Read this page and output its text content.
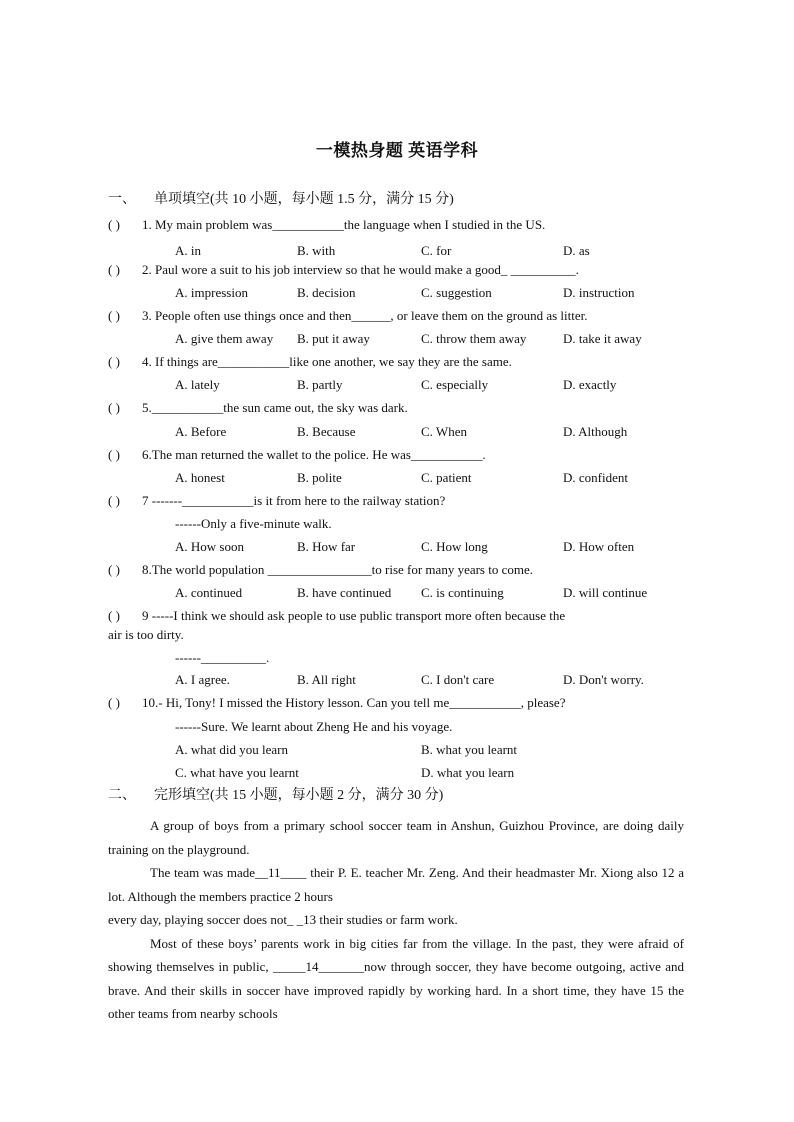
一模热身题 英语学科
一、 单项填空(共 10 小题，每小题 1.5 分，满分 15 分)
( ) 1. My main problem was___________the language when I studied in the US.
A. in	B. with	C. for	D. as
( ) 2. Paul wore a suit to his job interview so that he would make a good_ __________.
A. impression	B. decision	C. suggestion	D. instruction
( ) 3. People often use things once and then______, or leave them on the ground as litter.
A. give them away B. put it away	C. throw them away	D. take it away
( ) 4. If things are___________like one another, we say they are the same.
A. lately	B. partly	C. especially	D. exactly
( ) 5.___________the sun came out, the sky was dark.
A. Before	B. Because	C. When	D. Although
( ) 6.The man returned the wallet to the police. He was___________.
A. honest	B. polite	C. patient	D. confident
( ) 7 -------___________is it from here to the railway station?
------Only a five-minute walk.
A. How soon	B. How far	C. How long	D. How often
( ) 8.The world population ________________to rise for many years to come.
A. continued	B. have continued C. is continuing	D. will continue
( ) 9 -----I think we should ask people to use public transport more often because the
air is too dirty.
------__________.
A. I agree.	B. All right	C. I don't care	D. Don't worry.
( ) 10.- Hi, Tony! I missed the History lesson. Can you tell me___________, please?
------Sure. We learnt about Zheng He and his voyage.
A. what did you learn	B. what you learnt
C. what have you learnt	D. what you learn
二、 完形填空(共 15 小题，每小题 2 分，满分 30 分)

A group of boys from a primary school soccer team in Anshun, Guizhou Province, are doing daily training on the playground.

The team was made__11____ their P. E. teacher Mr. Zeng. And their headmaster Mr. Xiong also 12 a lot. Although the members practice 2 hours

every day, playing soccer does not_ _13 their studies or farm work.

Most of these boys’ parents work in big cities far from the village. In the past, they were afraid of showing themselves in public, _____14_______now through soccer, they have become outgoing, active and brave. And their skills in soccer have improved rapidly by working hard. In a short time, they have 15 the other teams from nearby schools
